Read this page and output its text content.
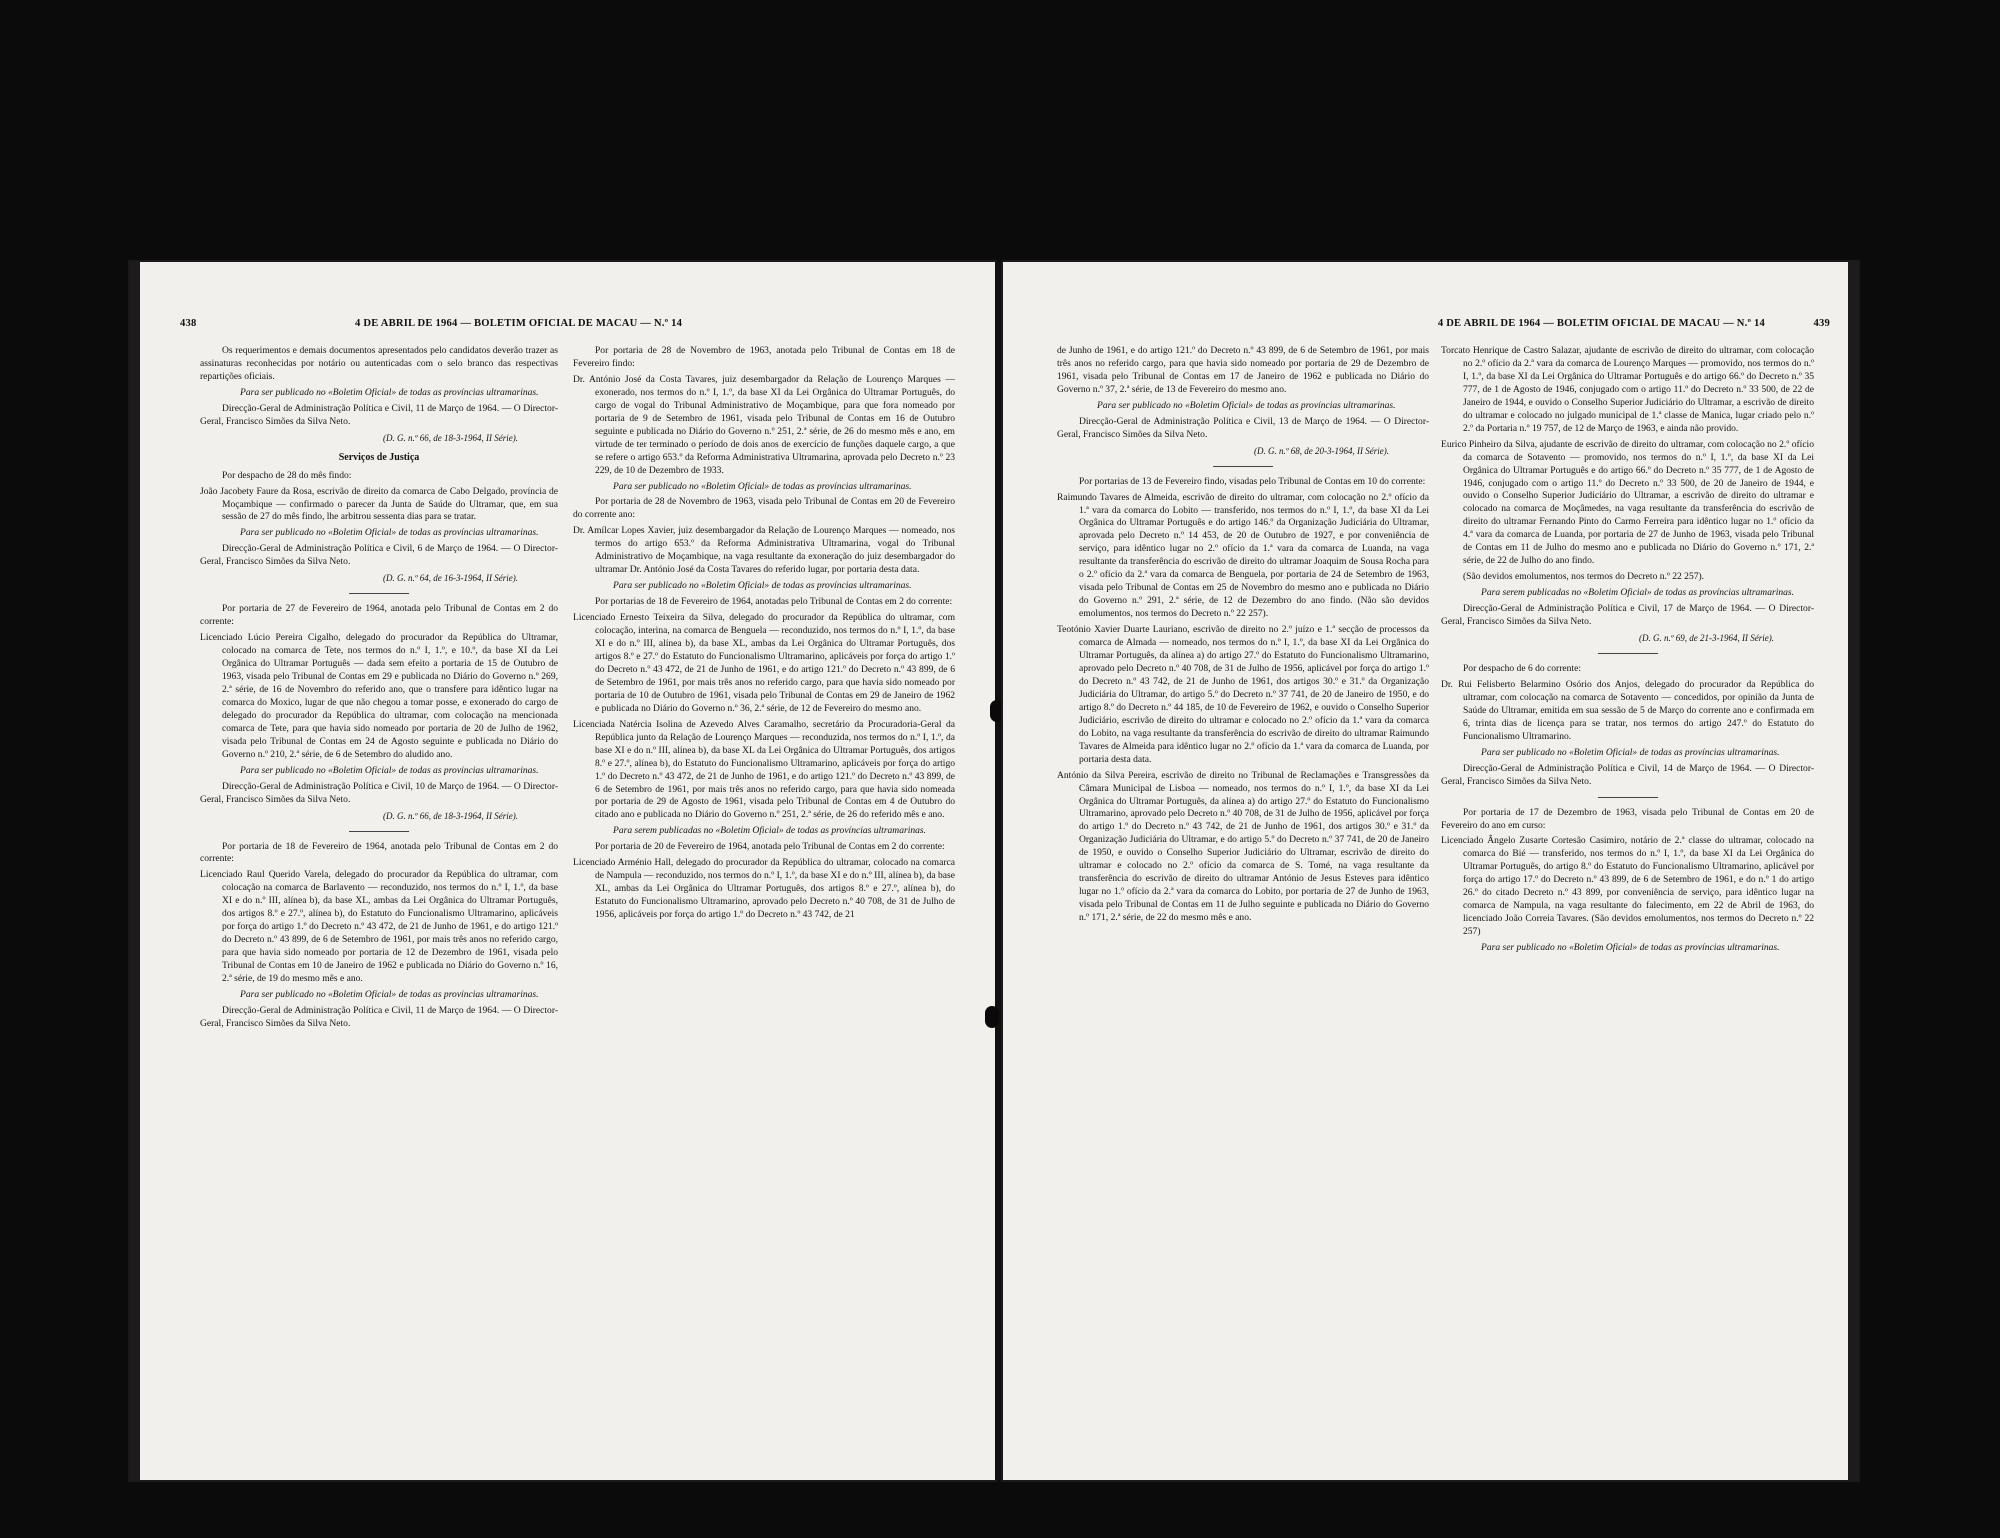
438	4 DE ABRIL DE 1964 — BOLETIM OFICIAL DE MACAU — N.º 14

Os requerimentos e demais documentos apresentados pelo candidatos deverão trazer as assinaturas reconhecidas por notário ou autenticadas com o selo branco das respectivas repartições oficiais.

Para ser publicado no «Boletim Oficial» de todas as províncias ultramarinas.

Direcção-Geral de Administração Política e Civil, 11 de Março de 1964. — O Director-Geral, Francisco Simões da Silva Neto.

(D. G. n.º 66, de 18-3-1964, II Série).

Serviços de Justiça

Por despacho de 28 do mês findo:

João Jacobety Faure da Rosa, escrivão de direito da comarca de Cabo Delgado, província de Moçambique — confirmado o parecer da Junta de Saúde do Ultramar, que, em sua sessão de 27 do mês findo, lhe arbitrou sessenta dias para se tratar.

Para ser publicado no «Boletim Oficial» de todas as províncias ultramarinas.

Direcção-Geral de Administração Política e Civil, 6 de Março de 1964. — O Director-Geral, Francisco Simões da Silva Neto.

(D. G. n.º 64, de 16-3-1964, II Série).

Por portaria de 27 de Fevereiro de 1964, anotada pelo Tribunal de Contas em 2 do corrente:

Licenciado Lúcio Pereira Cigalho, delegado do procurador da República do Ultramar, colocado na comarca de Tete, nos termos do n.º I, 1.º, e 10.º, da base XI da Lei Orgânica do Ultramar Português — dada sem efeito a portaria de 15 de Outubro de 1963, visada pelo Tribunal de Contas em 29 e publicada no Diário do Governo n.º 269, 2.ª série, de 16 de Novembro do referido ano, que o transfere para idêntico lugar na comarca do Moxico, lugar de que não chegou a tomar posse, e exonerado do cargo de delegado do procurador da República do ultramar, com colocação na mencionada comarca de Tete, para que havia sido nomeado por portaria de 20 de Julho de 1962, visada pelo Tribunal de Contas em 24 de Agosto seguinte e publicada no Diário do Governo n.º 210, 2.ª série, de 6 de Setembro do aludido ano.

Para ser publicado no «Boletim Oficial» de todas as províncias ultramarinas.

Direcção-Geral de Administração Política e Civil, 10 de Março de 1964. — O Director-Geral, Francisco Simões da Silva Neto.

(D. G. n.º 66, de 18-3-1964, II Série).

Por portaria de 18 de Fevereiro de 1964, anotada pelo Tribunal de Contas em 2 do corrente:

Licenciado Raul Querido Varela, delegado do procurador da República do ultramar, com colocação na comarca de Barlavento — reconduzido, nos termos do n.º I, 1.º, da base XI e do n.º III, alínea b), da base XL, ambas da Lei Orgânica do Ultramar Português, dos artigos 8.º e 27.º, alínea b), do Estatuto do Funcionalismo Ultramarino, aplicáveis por força do artigo 1.º do Decreto n.º 43 472, de 21 de Junho de 1961, e do artigo 121.º do Decreto n.º 43 899, de 6 de Setembro de 1961, por mais três anos no referido cargo, para que havia sido nomeado por portaria de 12 de Dezembro de 1961, visada pelo Tribunal de Contas em 10 de Janeiro de 1962 e publicada no Diário do Governo n.º 16, 2.ª série, de 19 do mesmo mês e ano.

Para ser publicado no «Boletim Oficial» de todas as províncias ultramarinas.

Direcção-Geral de Administração Política e Civil, 11 de Março de 1964. — O Director-Geral, Francisco Simões da Silva Neto.

Por portaria de 28 de Novembro de 1963, anotada pelo Tribunal de Contas em 18 de Fevereiro findo:

Dr. António José da Costa Tavares, juiz desembargador da Relação de Lourenço Marques — exonerado, nos termos do n.º I, 1.º, da base XI da Lei Orgânica do Ultramar Português, do cargo de vogal do Tribunal Administrativo de Moçambique, para que fora nomeado por portaria de 9 de Setembro de 1961, visada pelo Tribunal de Contas em 16 de Outubro seguinte e publicada no Diário do Governo n.º 251, 2.ª série, de 26 do mesmo mês e ano, em virtude de ter terminado o período de dois anos de exercício de funções daquele cargo, a que se refere o artigo 653.º da Reforma Administrativa Ultramarina, aprovada pelo Decreto n.º 23 229, de 10 de Dezembro de 1933.

Para ser publicado no «Boletim Oficial» de todas as províncias ultramarinas.

Por portaria de 28 de Novembro de 1963, visada pelo Tribunal de Contas em 20 de Fevereiro do corrente ano:

Dr. Amílcar Lopes Xavier, juiz desembargador da Relação de Lourenço Marques — nomeado, nos termos do artigo 653.º da Reforma Administrativa Ultramarina, vogal do Tribunal Administrativo de Moçambique, na vaga resultante da exoneração do juiz desembargador do ultramar Dr. António José da Costa Tavares do referido lugar, por portaria desta data.

Para ser publicado no «Boletim Oficial» de todas as províncias ultramarinas.

Por portarias de 18 de Fevereiro de 1964, anotadas pelo Tribunal de Contas em 2 do corrente:

Licenciado Ernesto Teixeira da Silva, delegado do procurador da República do ultramar, com colocação, interina, na comarca de Benguela — reconduzido, nos termos do n.º I, 1.º, da base XI e do n.º III, alínea b), da base XL, ambas da Lei Orgânica do Ultramar Português, dos artigos 8.º e 27.º do Estatuto do Funcionalismo Ultramarino, aplicáveis por força do artigo 1.º do Decreto n.º 43 472, de 21 de Junho de 1961, e do artigo 121.º do Decreto n.º 43 899, de 6 de Setembro de 1961, por mais três anos no referido cargo, para que havia sido nomeado por portaria de 10 de Outubro de 1961, visada pelo Tribunal de Contas em 29 de Janeiro de 1962 e publicada no Diário do Governo n.º 36, 2.ª série, de 12 de Fevereiro do mesmo ano.

Licenciada Natércia Isolina de Azevedo Alves Caramalho, secretário da Procuradoria-Geral da República junto da Relação de Lourenço Marques — reconduzida, nos termos do n.º I, 1.º, da base XI e do n.º III, alínea b), da base XL da Lei Orgânica do Ultramar Português, dos artigos 8.º e 27.º, alínea b), do Estatuto do Funcionalismo Ultramarino, aplicáveis por força do artigo 1.º do Decreto n.º 43 472, de 21 de Junho de 1961, e do artigo 121.º do Decreto n.º 43 899, de 6 de Setembro de 1961, por mais três anos no referido cargo, para que havia sido nomeada por portaria de 29 de Agosto de 1961, visada pelo Tribunal de Contas em 4 de Outubro do citado ano e publicada no Diário do Governo n.º 251, 2.ª série, de 26 do referido mês e ano.

Para serem publicadas no «Boletim Oficial» de todas as províncias ultramarinas.

Por portaria de 20 de Fevereiro de 1964, anotada pelo Tribunal de Contas em 2 do corrente:

Licenciado Arménio Hall, delegado do procurador da República do ultramar, colocado na comarca de Nampula — reconduzido, nos termos do n.º I, 1.º, da base XI e do n.º III, alínea b), da base XL, ambas da Lei Orgânica do Ultramar Português, dos artigos 8.º e 27.º, alínea b), do Estatuto do Funcionalismo Ultramarino, aprovado pelo Decreto n.º 40 708, de 31 de Julho de 1956, aplicáveis por força do artigo 1.º do Decreto n.º 43 742, de 21

4 DE ABRIL DE 1964 — BOLETIM OFICIAL DE MACAU — N.º 14	439

de Junho de 1961, e do artigo 121.º do Decreto n.º 43 899, de 6 de Setembro de 1961, por mais três anos no referido cargo, para que havia sido nomeado por portaria de 29 de Dezembro de 1961, visada pelo Tribunal de Contas em 17 de Janeiro de 1962 e publicada no Diário do Governo n.º 37, 2.ª série, de 13 de Fevereiro do mesmo ano.

Para ser publicado no «Boletim Oficial» de todas as províncias ultramarinas.

Direcção-Geral de Administração Política e Civil, 13 de Março de 1964. — O Director-Geral, Francisco Simões da Silva Neto.

(D. G. n.º 68, de 20-3-1964, II Série).

Por portarias de 13 de Fevereiro findo, visadas pelo Tribunal de Contas em 10 do corrente:

Raimundo Tavares de Almeida, escrivão de direito do ultramar, com colocação no 2.º ofício da 1.ª vara da comarca do Lobito — transferido, nos termos do n.º I, 1.º, da base XI da Lei Orgânica do Ultramar Português e do artigo 146.º da Organização Judiciária do Ultramar, aprovada pelo Decreto n.º 14 453, de 20 de Outubro de 1927, e por conveniência de serviço, para idêntico lugar no 2.º ofício da 1.ª vara da comarca de Luanda, na vaga resultante da transferência do escrivão de direito do ultramar Joaquim de Sousa Rocha para o 2.º ofício da 2.ª vara da comarca de Benguela, por portaria de 24 de Setembro de 1963, visada pelo Tribunal de Contas em 25 de Novembro do mesmo ano e publicada no Diário do Governo n.º 291, 2.ª série, de 12 de Dezembro do ano findo. (Não são devidos emolumentos, nos termos do Decreto n.º 22 257).

Teotónio Xavier Duarte Lauriano, escrivão de direito no 2.º juízo e 1.ª secção de processos da comarca de Almada — nomeado, nos termos do n.º I, 1.º, da base XI da Lei Orgânica do Ultramar Português, da alínea a) do artigo 27.º do Estatuto do Funcionalismo Ultramarino, aprovado pelo Decreto n.º 40 708, de 31 de Julho de 1956, aplicável por força do artigo 1.º do Decreto n.º 43 742, de 21 de Junho de 1961, dos artigos 30.º e 31.º da Organização Judiciária do Ultramar, do artigo 5.º do Decreto n.º 37 741, de 20 de Janeiro de 1950, e do artigo 8.º do Decreto n.º 44 185, de 10 de Fevereiro de 1962, e ouvido o Conselho Superior Judiciário, escrivão de direito do ultramar e colocado no 2.º ofício da 1.ª vara da comarca do Lobito, na vaga resultante da transferência do escrivão de direito do ultramar Raimundo Tavares de Almeida para idêntico lugar no 2.º ofício da 1.ª vara da comarca de Luanda, por portaria desta data.

António da Silva Pereira, escrivão de direito no Tribunal de Reclamações e Transgressões da Câmara Municipal de Lisboa — nomeado, nos termos do n.º I, 1.º, da base XI da Lei Orgânica do Ultramar Português, da alínea a) do artigo 27.º do Estatuto do Funcionalismo Ultramarino, aprovado pelo Decreto n.º 40 708, de 31 de Julho de 1956, aplicável por força do artigo 1.º do Decreto n.º 43 742, de 21 de Junho de 1961, dos artigos 30.º e 31.º da Organização Judiciária do Ultramar, e do artigo 5.º do Decreto n.º 37 741, de 20 de Janeiro de 1950, e ouvido o Conselho Superior Judiciário do Ultramar, escrivão de direito do ultramar e colocado no 2.º ofício da comarca de S. Tomé, na vaga resultante da transferência do escrivão de direito do ultramar António de Jesus Esteves para idêntico lugar no 1.º ofício da 2.ª vara da comarca do Lobito, por portaria de 27 de Junho de 1963, visada pelo Tribunal de Contas em 11 de Julho seguinte e publicada no Diário do Governo n.º 171, 2.ª série, de 22 do mesmo mês e ano.

Torcato Henrique de Castro Salazar, ajudante de escrivão de direito do ultramar, com colocação no 2.º ofício da 2.ª vara da comarca de Lourenço Marques — promovido, nos termos do n.º I, 1.º, da base XI da Lei Orgânica do Ultramar Português e do artigo 66.º do Decreto n.º 35 777, de 1 de Agosto de 1946, conjugado com o artigo 11.º do Decreto n.º 33 500, de 22 de Janeiro de 1944, e ouvido o Conselho Superior Judiciário do Ultramar, a escrivão de direito do ultramar e colocado no julgado municipal de 1.ª classe de Manica, lugar criado pelo n.º 2.º da Portaria n.º 19 757, de 12 de Março de 1963, e ainda não provido.

Eurico Pinheiro da Silva, ajudante de escrivão de direito do ultramar, com colocação no 2.º ofício da comarca de Sotavento — promovido, nos termos do n.º I, 1.º, da base XI da Lei Orgânica do Ultramar Português e do artigo 66.º do Decreto n.º 35 777, de 1 de Agosto de 1946, conjugado com o artigo 11.º do Decreto n.º 33 500, de 20 de Janeiro de 1944, e ouvido o Conselho Superior Judiciário do Ultramar, a escrivão de direito do ultramar e colocado na comarca de Moçâmedes, na vaga resultante da transferência do escrivão de direito do ultramar Fernando Pinto do Carmo Ferreira para idêntico lugar no 1.º ofício da 4.ª vara da comarca de Luanda, por portaria de 27 de Junho de 1963, visada pelo Tribunal de Contas em 11 de Julho do mesmo ano e publicada no Diário do Governo n.º 171, 2.ª série, de 22 de Julho do ano findo.

(São devidos emolumentos, nos termos do Decreto n.º 22 257).

Para serem publicadas no «Boletim Oficial» de todas as províncias ultramarinas.

Direcção-Geral de Administração Política e Civil, 17 de Março de 1964. — O Director-Geral, Francisco Simões da Silva Neto.

(D. G. n.º 69, de 21-3-1964, II Série).

Por despacho de 6 do corrente:

Dr. Rui Felisberto Belarmino Osório dos Anjos, delegado do procurador da República do ultramar, com colocação na comarca de Sotavento — concedidos, por opinião da Junta de Saúde do Ultramar, emitida em sua sessão de 5 de Março do corrente ano e confirmada em 6, trinta dias de licença para se tratar, nos termos do artigo 247.º do Estatuto do Funcionalismo Ultramarino.

Para ser publicado no «Boletim Oficial» de todas as províncias ultramarinas.

Direcção-Geral de Administração Política e Civil, 14 de Março de 1964. — O Director-Geral, Francisco Simões da Silva Neto.

Por portaria de 17 de Dezembro de 1963, visada pelo Tribunal de Contas em 20 de Fevereiro do ano em curso:

Licenciado Ângelo Zusarte Cortesão Casimiro, notário de 2.ª classe do ultramar, colocado na comarca do Bié — transferido, nos termos do n.º I, 1.º, da base XI da Lei Orgânica do Ultramar Português, do artigo 8.º do Estatuto do Funcionalismo Ultramarino, aplicável por força do artigo 17.º do Decreto n.º 43 899, de 6 de Setembro de 1961, e do n.º 1 do artigo 26.º do citado Decreto n.º 43 899, por conveniência de serviço, para idêntico lugar na comarca de Nampula, na vaga resultante do falecimento, em 22 de Abril de 1963, do licenciado João Correia Tavares. (São devidos emolumentos, nos termos do Decreto n.º 22 257)

Para ser publicado no «Boletim Oficial» de todas as províncias ultramarinas.
